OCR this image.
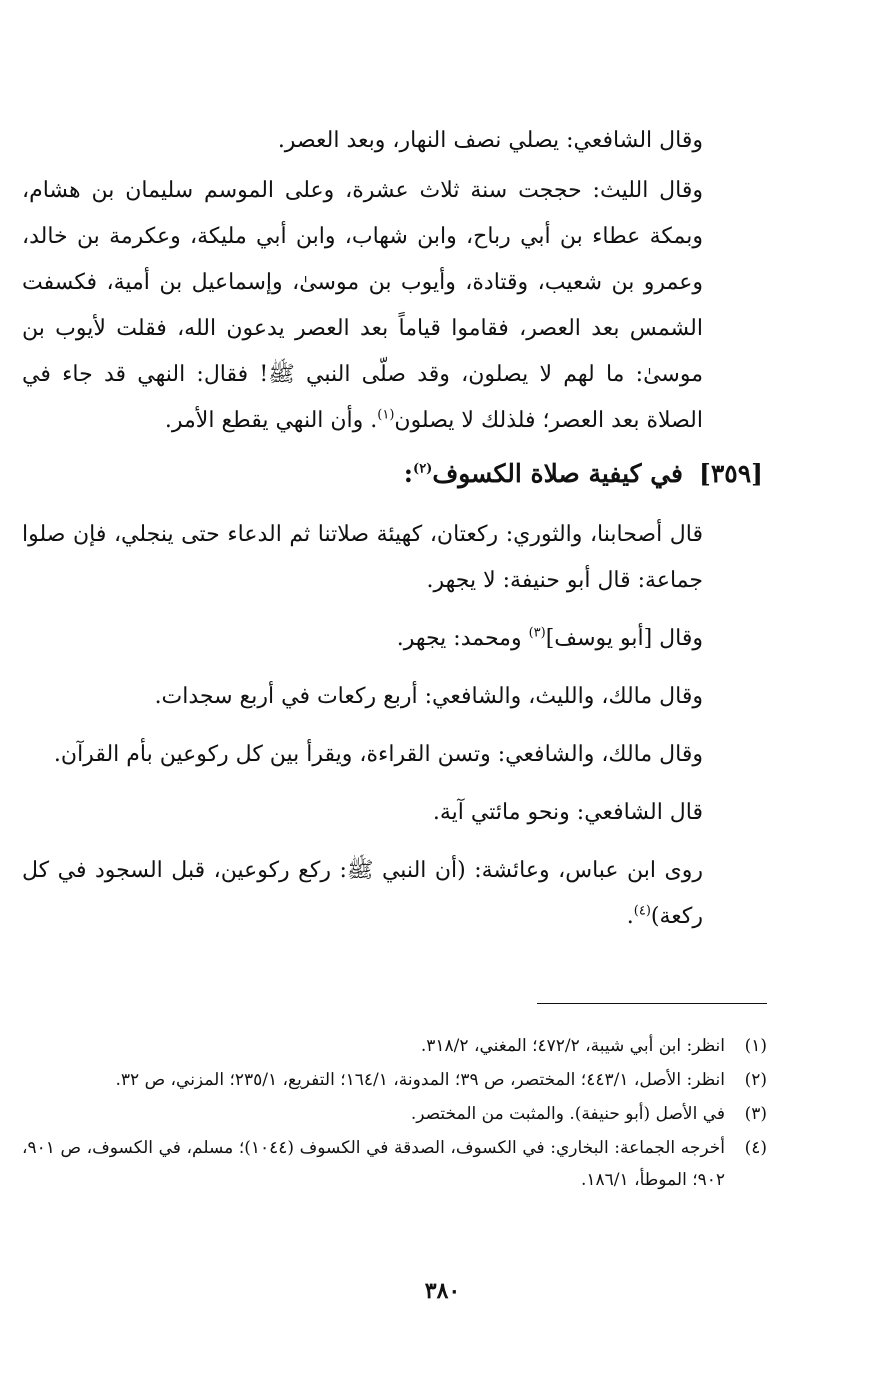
وقال الشافعي: يصلي نصف النهار، وبعد العصر.

وقال الليث: حججت سنة ثلاث عشرة، وعلى الموسم سليمان بن هشام، وبمكة عطاء بن أبي رباح، وابن شهاب، وابن أبي مليكة، وعكرمة بن خالد، وعمرو بن شعيب، وقتادة، وأيوب بن موسىٰ، وإسماعيل بن أمية، فكسفت الشمس بعد العصر، فقاموا قياماً بعد العصر يدعون الله، فقلت لأيوب بن موسىٰ: ما لهم لا يصلون، وقد صلّى النبي ﷺ! فقال: النهي قد جاء في الصلاة بعد العصر؛ فلذلك لا يصلون$^{(١)}$. وأن النهي يقطع الأمر.

[٣٥٩]في كيفية صلاة الكسوف$^{(٢)}$:

قال أصحابنا، والثوري: ركعتان، كهيئة صلاتنا ثم الدعاء حتى ينجلي، فإن صلوا جماعة: قال أبو حنيفة: لا يجهر.

وقال [أبو يوسف]$^{(٣)}$ ومحمد: يجهر.

وقال مالك، والليث، والشافعي: أربع ركعات في أربع سجدات.

وقال مالك، والشافعي: وتسن القراءة، ويقرأ بين كل ركوعين بأم القرآن.

قال الشافعي: ونحو مائتي آية.

روى ابن عباس، وعائشة: (أن النبي ﷺ: ركع ركوعين، قبل السجود في كل ركعة)$^{(٤)}$.

(١)
انظر: ابن أبي شيبة، ٤٧٢/٢؛ المغني، ٣١٨/٢.
(٢)
انظر: الأصل، ٤٤٣/١؛ المختصر، ص ٣٩؛ المدونة، ١٦٤/١؛ التفريع، ٢٣٥/١؛ المزني، ص ٣٢.
(٣)
في الأصل (أبو حنيفة). والمثبت من المختصر.
(٤)
أخرجه الجماعة: البخاري: في الكسوف، الصدقة في الكسوف (١٠٤٤)؛ مسلم، في الكسوف، ص ٩٠١، ٩٠٢؛ الموطأ، ١٨٦/١.
٣٨٠
